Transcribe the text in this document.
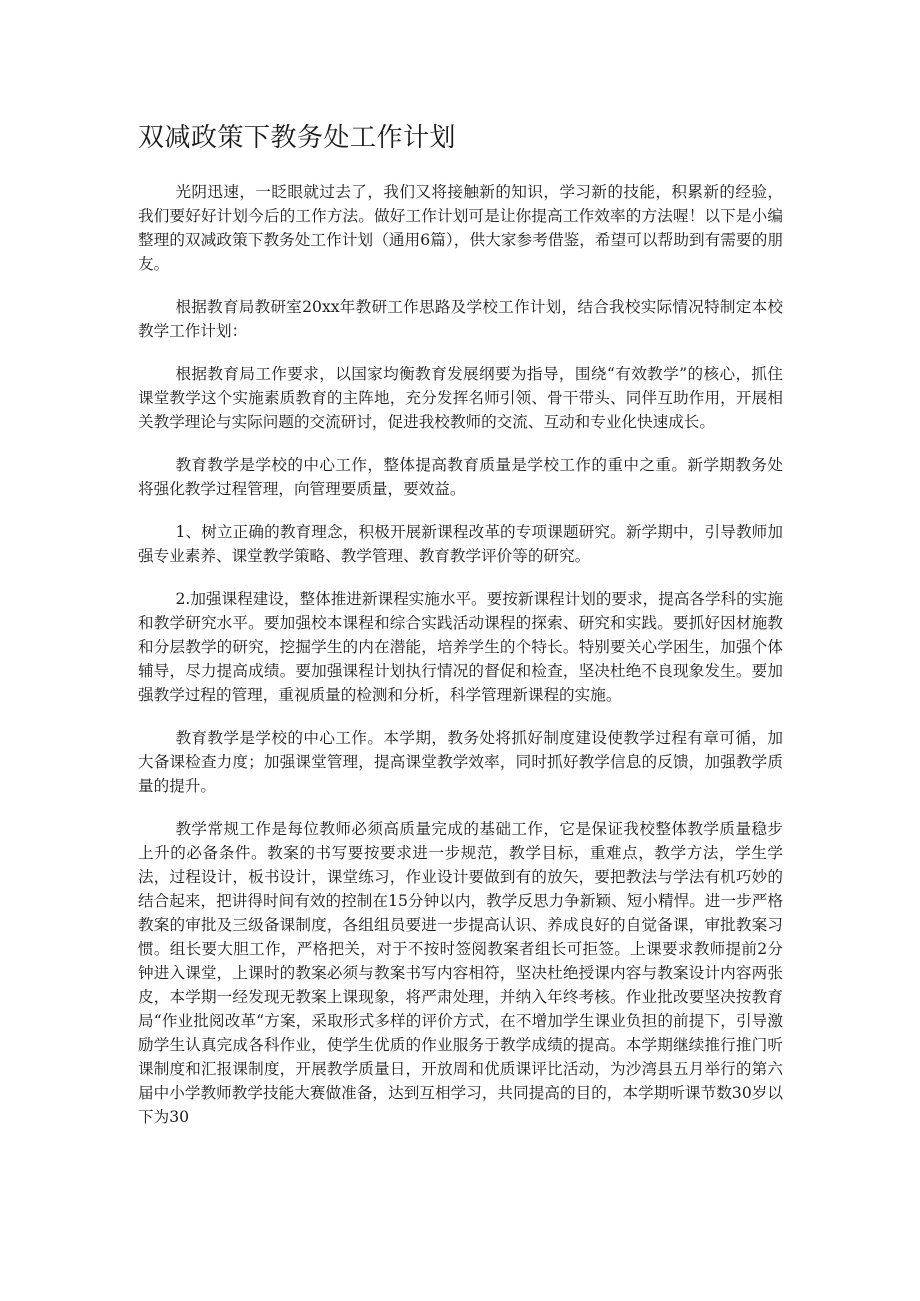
双减政策下教务处工作计划

光阴迅速，一眨眼就过去了，我们又将接触新的知识，学习新的技能，积累新的经验，我们要好好计划今后的工作方法。做好工作计划可是让你提高工作效率的方法喔！以下是小编整理的双减政策下教务处工作计划（通用6篇），供大家参考借鉴，希望可以帮助到有需要的朋友。

根据教育局教研室20xx年教研工作思路及学校工作计划，结合我校实际情况特制定本校教学工作计划：

根据教育局工作要求，以国家均衡教育发展纲要为指导，围绕“有效教学”的核心，抓住课堂教学这个实施素质教育的主阵地，充分发挥名师引领、骨干带头、同伴互助作用，开展相关教学理论与实际问题的交流研讨，促进我校教师的交流、互动和专业化快速成长。

教育教学是学校的中心工作，整体提高教育质量是学校工作的重中之重。新学期教务处将强化教学过程管理，向管理要质量，要效益。

1、树立正确的教育理念，积极开展新课程改革的专项课题研究。新学期中，引导教师加强专业素养、课堂教学策略、教学管理、教育教学评价等的研究。

2.加强课程建设，整体推进新课程实施水平。要按新课程计划的要求，提高各学科的实施和教学研究水平。要加强校本课程和综合实践活动课程的探索、研究和实践。要抓好因材施教和分层教学的研究，挖掘学生的内在潜能，培养学生的个特长。特别要关心学困生，加强个体辅导，尽力提高成绩。要加强课程计划执行情况的督促和检查，坚决杜绝不良现象发生。要加强教学过程的管理，重视质量的检测和分析，科学管理新课程的实施。

教育教学是学校的中心工作。本学期，教务处将抓好制度建设使教学过程有章可循，加大备课检查力度；加强课堂管理，提高课堂教学效率，同时抓好教学信息的反馈，加强教学质量的提升。

教学常规工作是每位教师必须高质量完成的基础工作，它是保证我校整体教学质量稳步上升的必备条件。教案的书写要按要求进一步规范，教学目标，重难点，教学方法，学生学法，过程设计，板书设计，课堂练习，作业设计要做到有的放矢，要把教法与学法有机巧妙的结合起来，把讲得时间有效的控制在15分钟以内，教学反思力争新颖、短小精悍。进一步严格教案的审批及三级备课制度，各组组员要进一步提高认识、养成良好的自觉备课，审批教案习惯。组长要大胆工作，严格把关，对于不按时签阅教案者组长可拒签。上课要求教师提前2分钟进入课堂，上课时的教案必须与教案书写内容相符，坚决杜绝授课内容与教案设计内容两张皮，本学期一经发现无教案上课现象，将严肃处理，并纳入年终考核。作业批改要坚决按教育局“作业批阅改革“方案，采取形式多样的评价方式，在不增加学生课业负担的前提下，引导激励学生认真完成各科作业，使学生优质的作业服务于教学成绩的提高。本学期继续推行推门听课制度和汇报课制度，开展教学质量日，开放周和优质课评比活动，为沙湾县五月举行的第六届中小学教师教学技能大赛做准备，达到互相学习，共同提高的目的，本学期听课节数30岁以下为30
